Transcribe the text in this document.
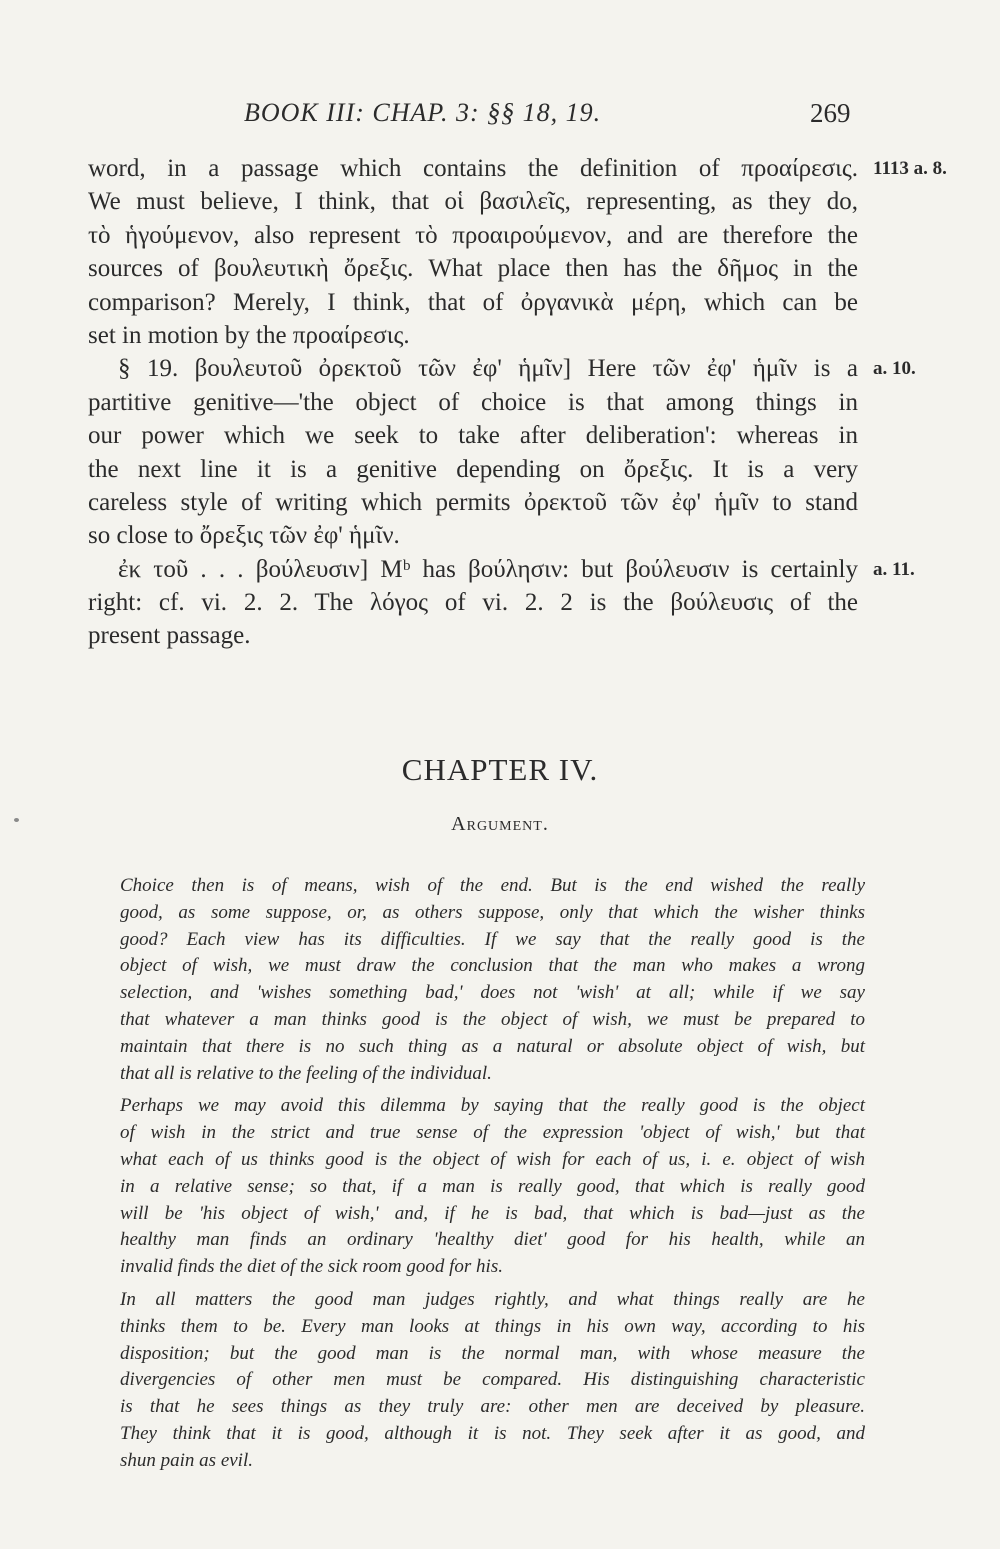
BOOK III: CHAP. 3: §§ 18, 19.	269
word, in a passage which contains the definition of προαίρεσις. 1113 a. 8.
We must believe, I think, that οἱ βασιλεῖς, representing, as they do,
τὸ ἡγούμενον, also represent τὸ προαιρούμενον, and are therefore the
sources of βουλευτικὴ ὄρεξις. What place then has the δῆμος in the
comparison? Merely, I think, that of ὀργανικὰ μέρη, which can be
set in motion by the προαίρεσις.
§ 19. βουλευτοῦ ὀρεκτοῦ τῶν ἐφ' ἡμῖν] Here τῶν ἐφ' ἡμῖν is a a. 10.
partitive genitive—'the object of choice is that among things in
our power which we seek to take after deliberation': whereas in
the next line it is a genitive depending on ὄρεξις. It is a very
careless style of writing which permits ὀρεκτοῦ τῶν ἐφ' ἡμῖν to stand
so close to ὄρεξις τῶν ἐφ' ἡμῖν.
ἐκ τοῦ . . . βούλευσιν] Mᵇ has βούλησιν: but βούλευσιν is certainly a. 11.
right: cf. vi. 2. 2. The λόγος of vi. 2. 2 is the βούλευσις of the
present passage.
CHAPTER IV.
Argument.
Choice then is of means, wish of the end. But is the end wished the really
good, as some suppose, or, as others suppose, only that which the wisher thinks
good? Each view has its difficulties. If we say that the really good is the
object of wish, we must draw the conclusion that the man who makes a wrong
selection, and 'wishes something bad,' does not 'wish' at all; while if we say
that whatever a man thinks good is the object of wish, we must be prepared to
maintain that there is no such thing as a natural or absolute object of wish, but
that all is relative to the feeling of the individual.
Perhaps we may avoid this dilemma by saying that the really good is the object
of wish in the strict and true sense of the expression 'object of wish,' but that
what each of us thinks good is the object of wish for each of us, i. e. object of wish
in a relative sense; so that, if a man is really good, that which is really good
will be 'his object of wish,' and, if he is bad, that which is bad—just as the
healthy man finds an ordinary 'healthy diet' good for his health, while an
invalid finds the diet of the sick room good for his.
In all matters the good man judges rightly, and what things really are he
thinks them to be. Every man looks at things in his own way, according to his
disposition; but the good man is the normal man, with whose measure the
divergencies of other men must be compared. His distinguishing characteristic
is that he sees things as they truly are: other men are deceived by pleasure.
They think that it is good, although it is not. They seek after it as good, and
shun pain as evil.
